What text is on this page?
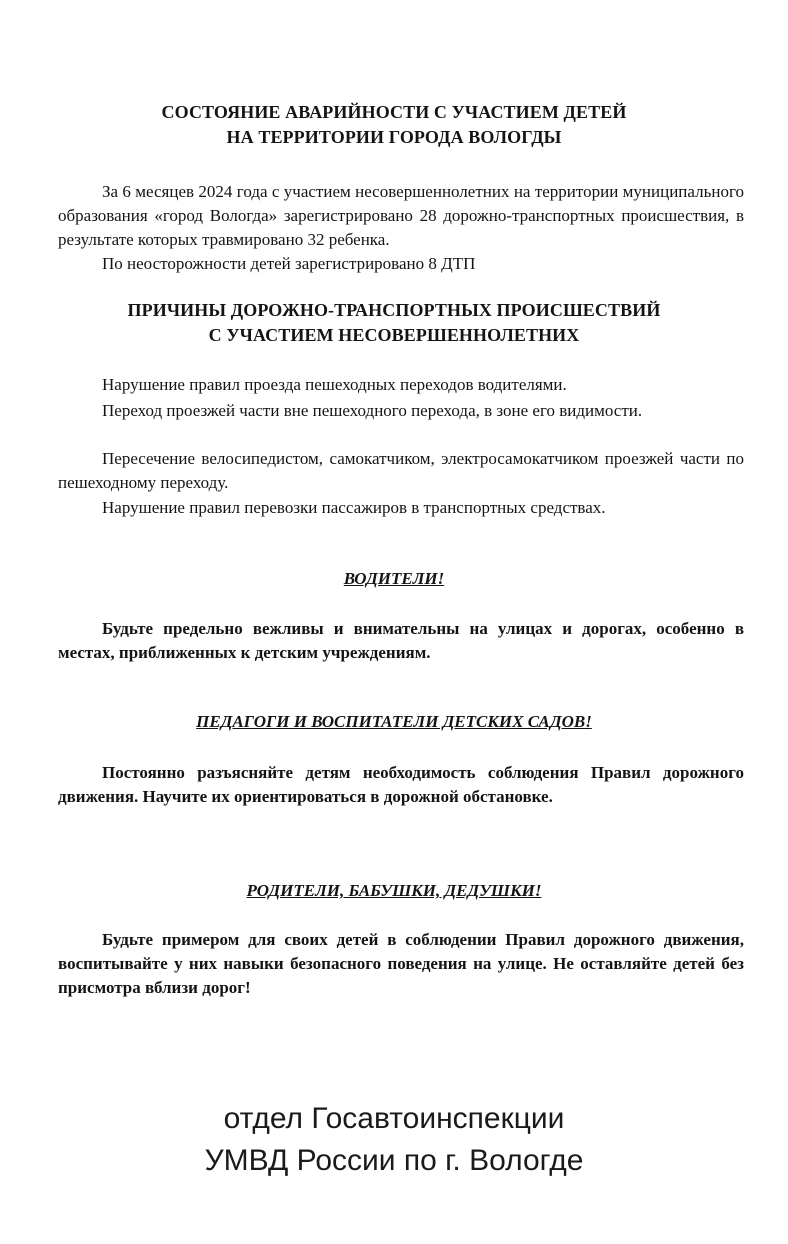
СОСТОЯНИЕ АВАРИЙНОСТИ С УЧАСТИЕМ ДЕТЕЙ
НА ТЕРРИТОРИИ ГОРОДА ВОЛОГДЫ

За 6 месяцев 2024 года с участием несовершеннолетних на территории муниципального образования «город Вологда» зарегистрировано 28 дорожно-транспортных происшествия, в результате которых травмировано 32 ребенка.

По неосторожности детей зарегистрировано 8 ДТП

ПРИЧИНЫ ДОРОЖНО-ТРАНСПОРТНЫХ ПРОИСШЕСТВИЙ
С УЧАСТИЕМ НЕСОВЕРШЕННОЛЕТНИХ

Нарушение правил проезда пешеходных переходов водителями.

Переход проезжей части вне пешеходного перехода, в зоне его видимости.

Пересечение велосипедистом, самокатчиком, электросамокатчиком проезжей части по пешеходному переходу.

Нарушение правил перевозки пассажиров в транспортных средствах.

ВОДИТЕЛИ!

Будьте предельно вежливы и внимательны на улицах и дорогах, особенно в местах, приближенных к детским учреждениям.

ПЕДАГОГИ И ВОСПИТАТЕЛИ ДЕТСКИХ САДОВ!

Постоянно разъясняйте детям необходимость соблюдения Правил дорожного движения. Научите их ориентироваться в дорожной обстановке.

РОДИТЕЛИ, БАБУШКИ, ДЕДУШКИ!

Будьте примером для своих детей в соблюдении Правил дорожного движения, воспитывайте у них навыки безопасного поведения на улице. Не оставляйте детей без присмотра вблизи дорог!

отдел Госавтоинспекции
УМВД России по г. Вологде
